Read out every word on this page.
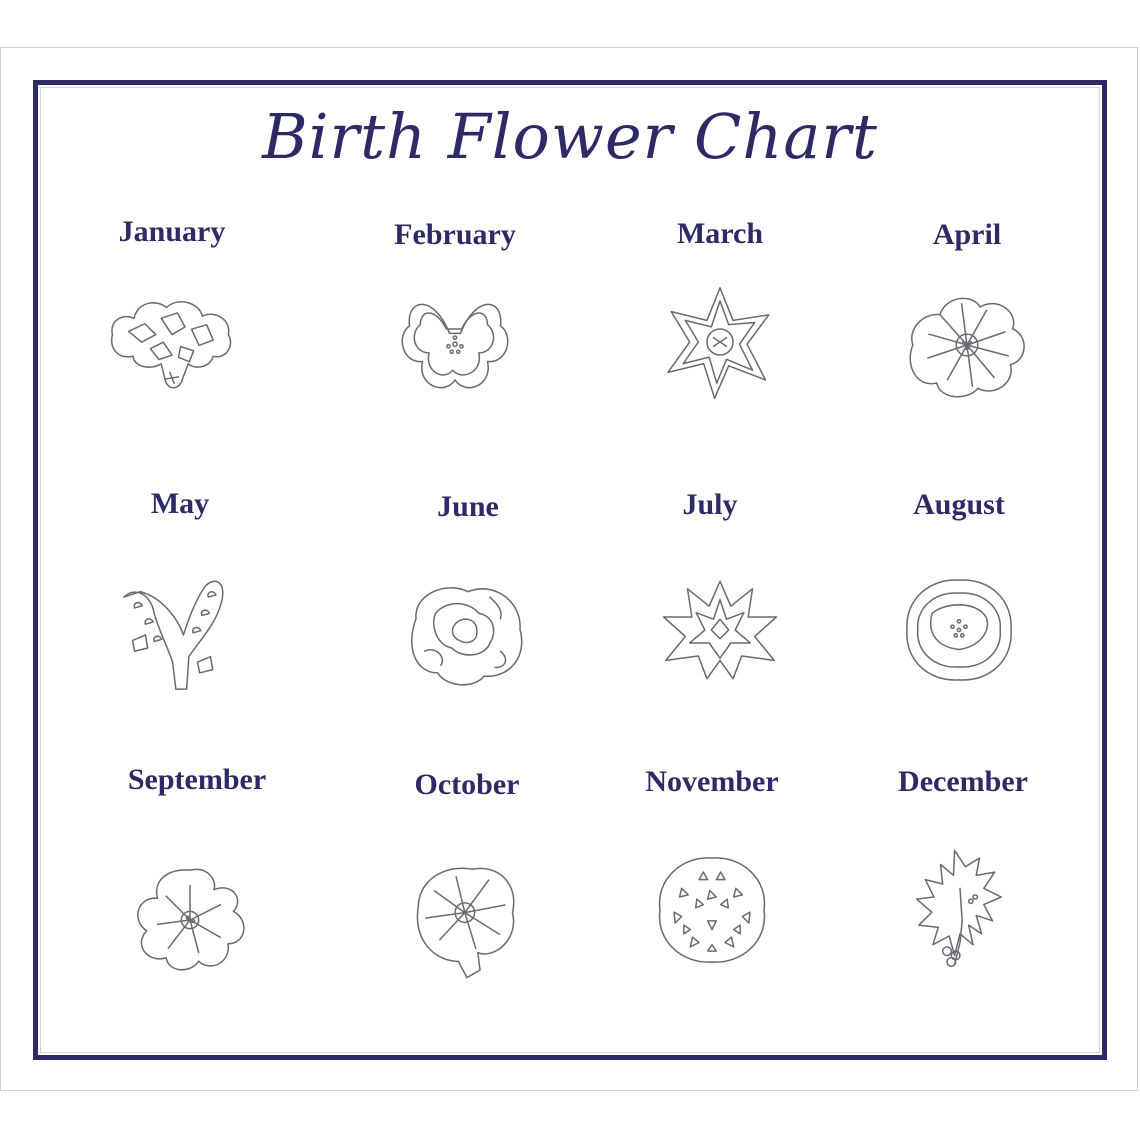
Birth Flower Chart
January	February	March	April
May	June	July	August
September	October	November	December
